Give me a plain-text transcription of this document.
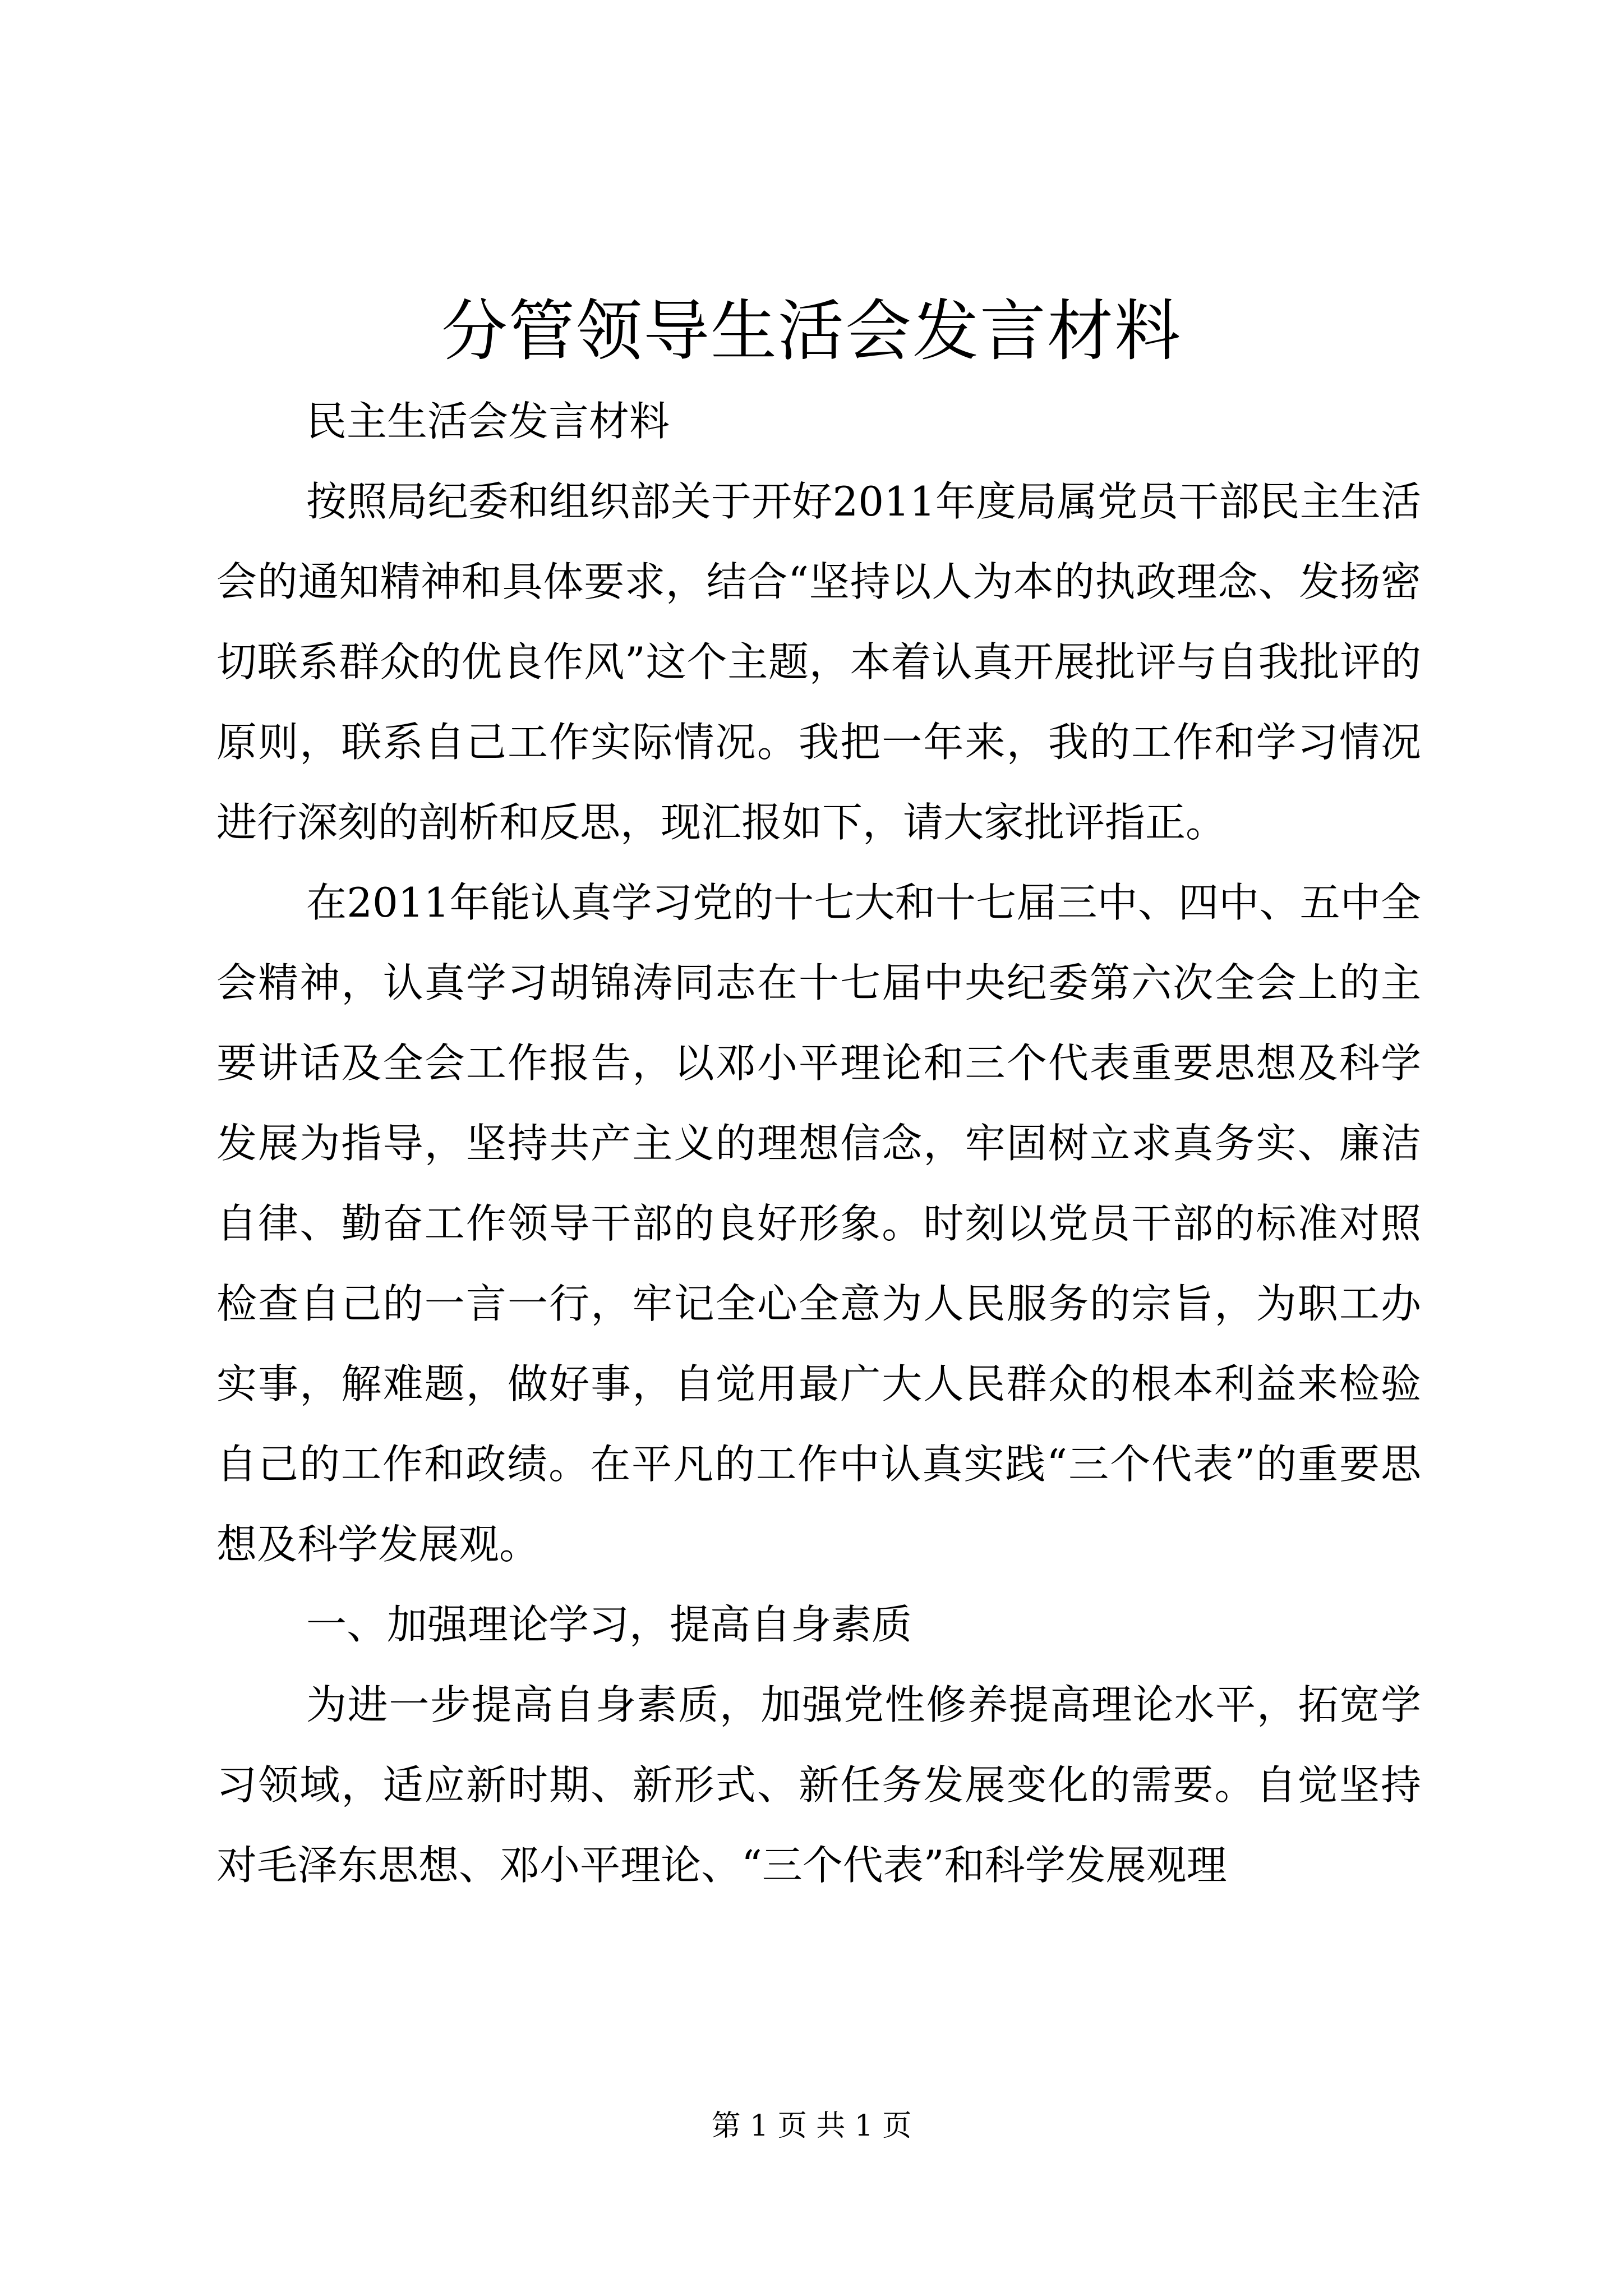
分管领导生活会发言材料

民主生活会发言材料

按照局纪委和组织部关于开好2011年度局属党员干部民主生活会的通知精神和具体要求，结合“坚持以人为本的执政理念、发扬密切联系群众的优良作风”这个主题，本着认真开展批评与自我批评的原则，联系自己工作实际情况。我把一年来，我的工作和学习情况进行深刻的剖析和反思，现汇报如下，请大家批评指正。

在2011年能认真学习党的十七大和十七届三中、四中、五中全会精神，认真学习胡锦涛同志在十七届中央纪委第六次全会上的主要讲话及全会工作报告，以邓小平理论和三个代表重要思想及科学发展为指导，坚持共产主义的理想信念，牢固树立求真务实、廉洁自律、勤奋工作领导干部的良好形象。时刻以党员干部的标准对照检查自己的一言一行，牢记全心全意为人民服务的宗旨，为职工办实事，解难题，做好事，自觉用最广大人民群众的根本利益来检验自己的工作和政绩。在平凡的工作中认真实践“三个代表”的重要思想及科学发展观。

一、加强理论学习，提高自身素质

为进一步提高自身素质，加强党性修养提高理论水平，拓宽学习领域，适应新时期、新形式、新任务发展变化的需要。自觉坚持对毛泽东思想、邓小平理论、“三个代表”和科学发展观理

第 1 页 共 1 页
